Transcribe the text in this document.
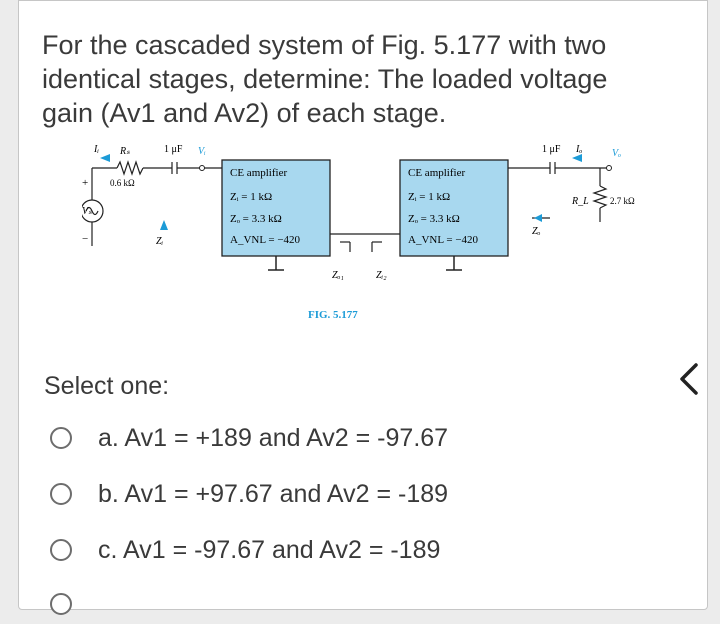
For the cascaded system of Fig. 5.177 with two identical stages, determine: The loaded voltage gain (Av1 and Av2) of each stage.

CE amplifier
Zᵢ = 1 kΩ
Zₒ = 3.3 kΩ
A_VNL = −420
CE amplifier
Zᵢ = 1 kΩ
Zₒ = 3.3 kΩ
A_VNL = −420
Iᵢ Rₛ
0.6 kΩ
1 μF Vᵢ
+
Vₛ
−	Zᵢ
Zₒ₁	Zᵢ₂
1 μF Iₒ	Vₒ
Zₒ
R_L 2.7 kΩ
FIG. 5.177
Select one:
a. Av1 = +189 and Av2 = -97.67
b. Av1 = +97.67 and Av2 = -189
c. Av1 = -97.67 and Av2 = -189
